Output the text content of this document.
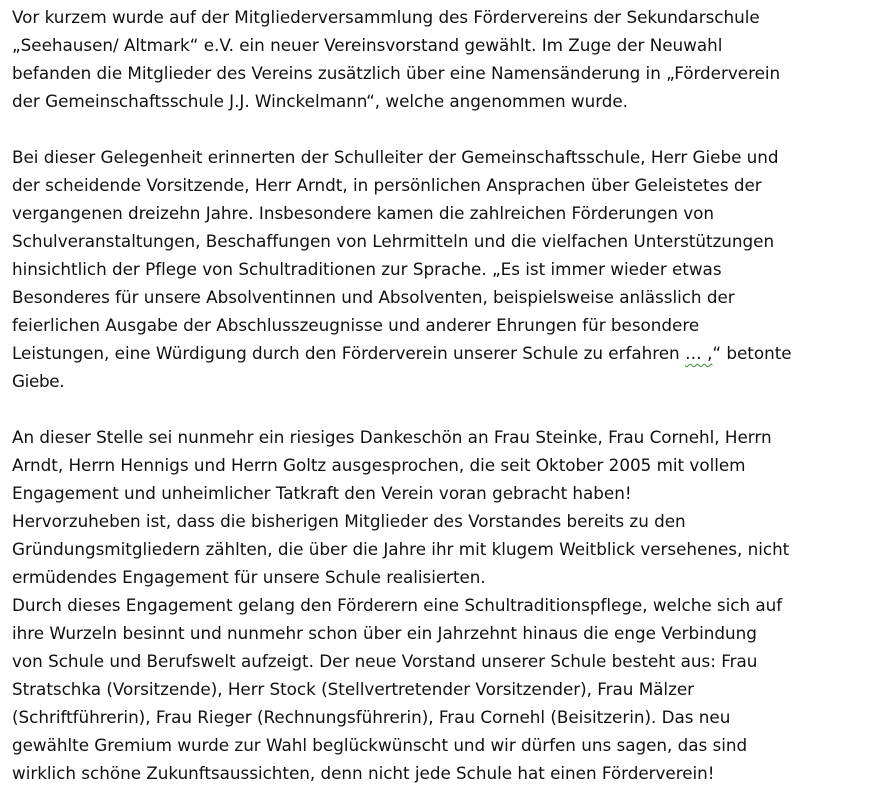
Vor kurzem wurde auf der Mitgliederversammlung des Fördervereins der Sekundarschule
„Seehausen/ Altmark“ e.V. ein neuer Vereinsvorstand gewählt. Im Zuge der Neuwahl
befanden die Mitglieder des Vereins zusätzlich über eine Namensänderung in „Förderverein
der Gemeinschaftsschule J.J. Winckelmann“, welche angenommen wurde.
Bei dieser Gelegenheit erinnerten der Schulleiter der Gemeinschaftsschule, Herr Giebe und
der scheidende Vorsitzende, Herr Arndt, in persönlichen Ansprachen über Geleistetes der
vergangenen dreizehn Jahre. Insbesondere kamen die zahlreichen Förderungen von
Schulveranstaltungen, Beschaffungen von Lehrmitteln und die vielfachen Unterstützungen
hinsichtlich der Pflege von Schultraditionen zur Sprache. „Es ist immer wieder etwas
Besonderes für unsere Absolventinnen und Absolventen, beispielsweise anlässlich der
feierlichen Ausgabe der Abschlusszeugnisse und anderer Ehrungen für besondere
Leistungen, eine Würdigung durch den Förderverein unserer Schule zu erfahren … ,“ betonte
Giebe.
An dieser Stelle sei nunmehr ein riesiges Dankeschön an Frau Steinke, Frau Cornehl, Herrn
Arndt, Herrn Hennigs und Herrn Goltz ausgesprochen, die seit Oktober 2005 mit vollem
Engagement und unheimlicher Tatkraft den Verein voran gebracht haben!
Hervorzuheben ist, dass die bisherigen Mitglieder des Vorstandes bereits zu den
Gründungsmitgliedern zählten, die über die Jahre ihr mit klugem Weitblick versehenes, nicht
ermüdendes Engagement für unsere Schule realisierten.
Durch dieses Engagement gelang den Förderern eine Schultraditionspflege, welche sich auf
ihre Wurzeln besinnt und nunmehr schon über ein Jahrzehnt hinaus die enge Verbindung
von Schule und Berufswelt aufzeigt. Der neue Vorstand unserer Schule besteht aus: Frau
Stratschka (Vorsitzende), Herr Stock (Stellvertretender Vorsitzender), Frau Mälzer
(Schriftführerin), Frau Rieger (Rechnungsführerin), Frau Cornehl (Beisitzerin). Das neu
gewählte Gremium wurde zur Wahl beglückwünscht und wir dürfen uns sagen, das sind
wirklich schöne Zukunftsaussichten, denn nicht jede Schule hat einen Förderverein!
